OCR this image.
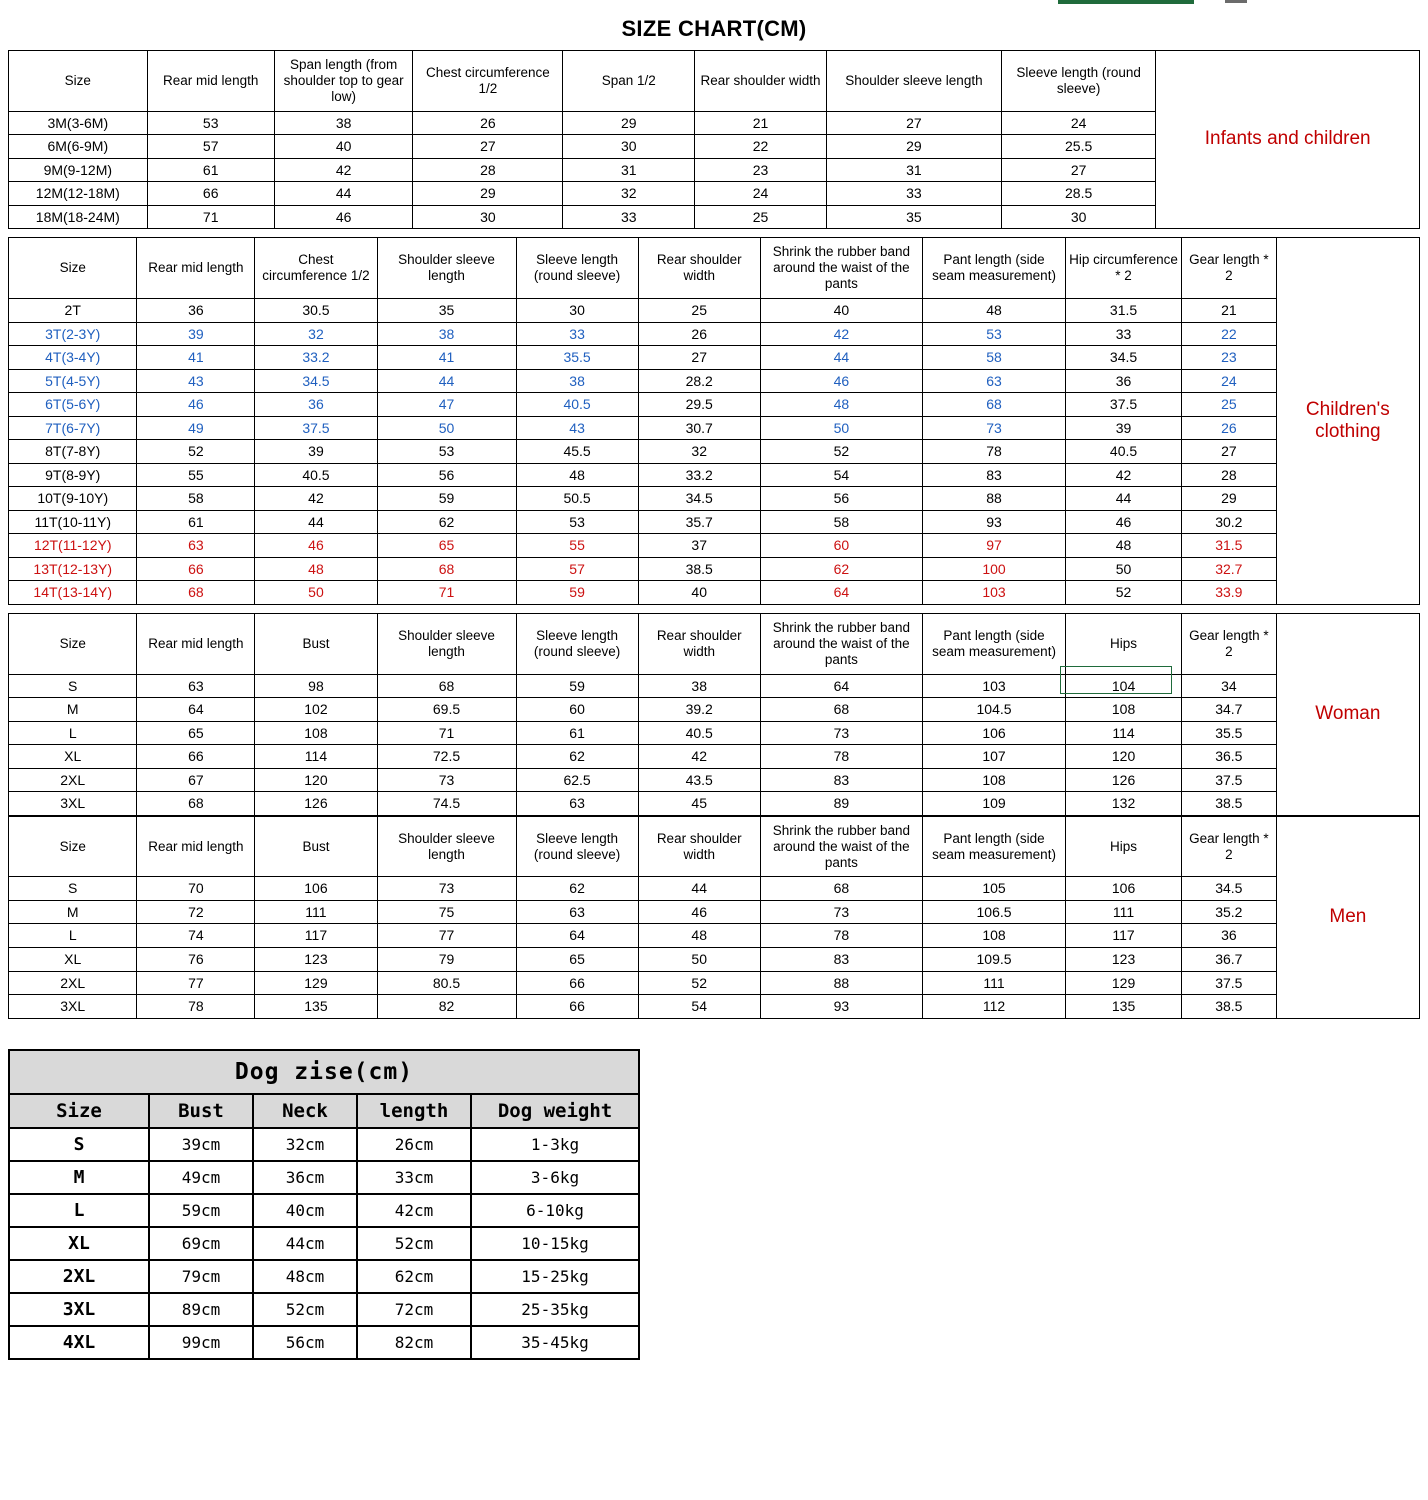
SIZE CHART(CM)
Size	Rear mid length	Span length (from shoulder top to gear low)	Chest circumference 1/2	Span 1/2	Rear shoulder width	Shoulder sleeve length	Sleeve length (round sleeve)	Infants and children
3M(3-6M)	53	38	26	29	21	27	24	
6M(6-9M)	57	40	27	30	22	29	25.5	
9M(9-12M)	61	42	28	31	23	31	27	
12M(12-18M)	66	44	29	32	24	33	28.5	
18M(18-24M)	71	46	30	33	25	35	30	
Size	Rear mid length	Chest circumference 1/2	Shoulder sleeve length	Sleeve length (round sleeve)	Rear shoulder width	Shrink the rubber band around the waist of the pants	Pant length (side seam measurement)	Hip circumference * 2	Gear length * 2	Children's clothing
2T	36	30.5	35	30	25	40	48	31.5	21	
3T(2-3Y)	39	32	38	33	26	42	53	33	22	
4T(3-4Y)	41	33.2	41	35.5	27	44	58	34.5	23	
5T(4-5Y)	43	34.5	44	38	28.2	46	63	36	24	
6T(5-6Y)	46	36	47	40.5	29.5	48	68	37.5	25	
7T(6-7Y)	49	37.5	50	43	30.7	50	73	39	26	
8T(7-8Y)	52	39	53	45.5	32	52	78	40.5	27	
9T(8-9Y)	55	40.5	56	48	33.2	54	83	42	28	
10T(9-10Y)	58	42	59	50.5	34.5	56	88	44	29	
11T(10-11Y)	61	44	62	53	35.7	58	93	46	30.2	
12T(11-12Y)	63	46	65	55	37	60	97	48	31.5	
13T(12-13Y)	66	48	68	57	38.5	62	100	50	32.7	
14T(13-14Y)	68	50	71	59	40	64	103	52	33.9	
Size	Rear mid length	Bust	Shoulder sleeve length	Sleeve length (round sleeve)	Rear shoulder width	Shrink the rubber band around the waist of the pants	Pant length (side seam measurement)	Hips	Gear length * 2	Woman
S	63	98	68	59	38	64	103	104	34	
M	64	102	69.5	60	39.2	68	104.5	108	34.7	
L	65	108	71	61	40.5	73	106	114	35.5	
XL	66	114	72.5	62	42	78	107	120	36.5	
2XL	67	120	73	62.5	43.5	83	108	126	37.5	
3XL	68	126	74.5	63	45	89	109	132	38.5	
Size	Rear mid length	Bust	Shoulder sleeve length	Sleeve length (round sleeve)	Rear shoulder width	Shrink the rubber band around the waist of the pants	Pant length (side seam measurement)	Hips	Gear length * 2	Men
S	70	106	73	62	44	68	105	106	34.5	
M	72	111	75	63	46	73	106.5	111	35.2	
L	74	117	77	64	48	78	108	117	36	
XL	76	123	79	65	50	83	109.5	123	36.7	
2XL	77	129	80.5	66	52	88	111	129	37.5	
3XL	78	135	82	66	54	93	112	135	38.5	
Dog zise(cm)				
Size	Bust	Neck	length	Dog weight
S	39cm	32cm	26cm	1-3kg
M	49cm	36cm	33cm	3-6kg
L	59cm	40cm	42cm	6-10kg
XL	69cm	44cm	52cm	10-15kg
2XL	79cm	48cm	62cm	15-25kg
3XL	89cm	52cm	72cm	25-35kg
4XL	99cm	56cm	82cm	35-45kg
